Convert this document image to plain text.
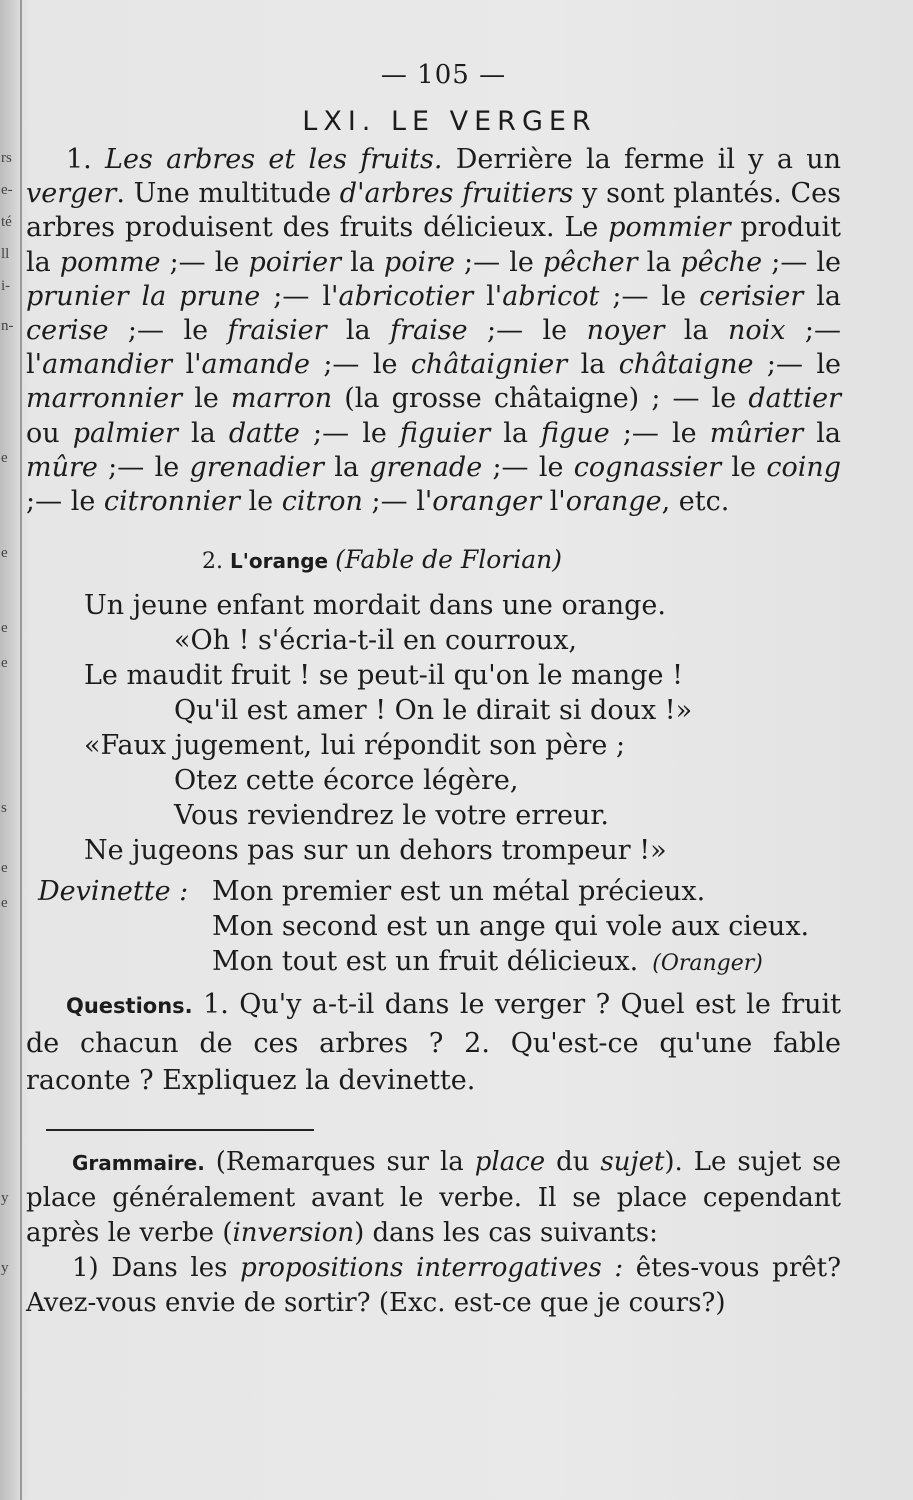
rs
e-
té
ll
i-
n-
e
e
e
e
s
e
e
y
y
— 105 —
LXI. LE VERGER

1. Les arbres et les fruits. Derrière la ferme il y a un verger. Une multitude d'arbres fruitiers y sont plantés. Ces arbres produisent des fruits délicieux. Le pommier produit la pomme ;— le poirier la poire ;— le pêcher la pêche ;— le prunier la prune ;— l'abricotier l'abricot ;— le cerisier la cerise ;— le fraisier la fraise ;— le noyer la noix ;— l'amandier l'amande ;— le châtaignier la châtaigne ;— le marronnier le marron (la grosse châtaigne) ; — le dattier ou palmier la datte ;— le figuier la figue ;— le mûrier la mûre ;— le grenadier la grenade ;— le cognassier le coing ;— le citronnier le citron ;— l'oranger l'orange, etc.

2. L'orange (Fable de Florian)
Un jeune enfant mordait dans une orange.
«Oh ! s'écria-t-il en courroux,
Le maudit fruit ! se peut-il qu'on le mange !
Qu'il est amer ! On le dirait si doux !»
«Faux jugement, lui répondit son père ;
Otez cette écorce légère,
Vous reviendrez le votre erreur.
Ne jugeons pas sur un dehors trompeur !»
Devinette : Mon premier est un métal précieux.
Mon second est un ange qui vole aux cieux.
Mon tout est un fruit délicieux. (Oranger)

Questions. 1. Qu'y a-t-il dans le verger ? Quel est le fruit de chacun de ces arbres ? 2. Qu'est-ce qu'une fable raconte ? Expliquez la devinette.

Grammaire. (Remarques sur la place du sujet). Le sujet se place généralement avant le verbe. Il se place cependant après le verbe (inversion) dans les cas suivants:
1) Dans les propositions interrogatives : êtes-vous prêt?Avez-vous envie de sortir? (Exc. est-ce que je cours?)
